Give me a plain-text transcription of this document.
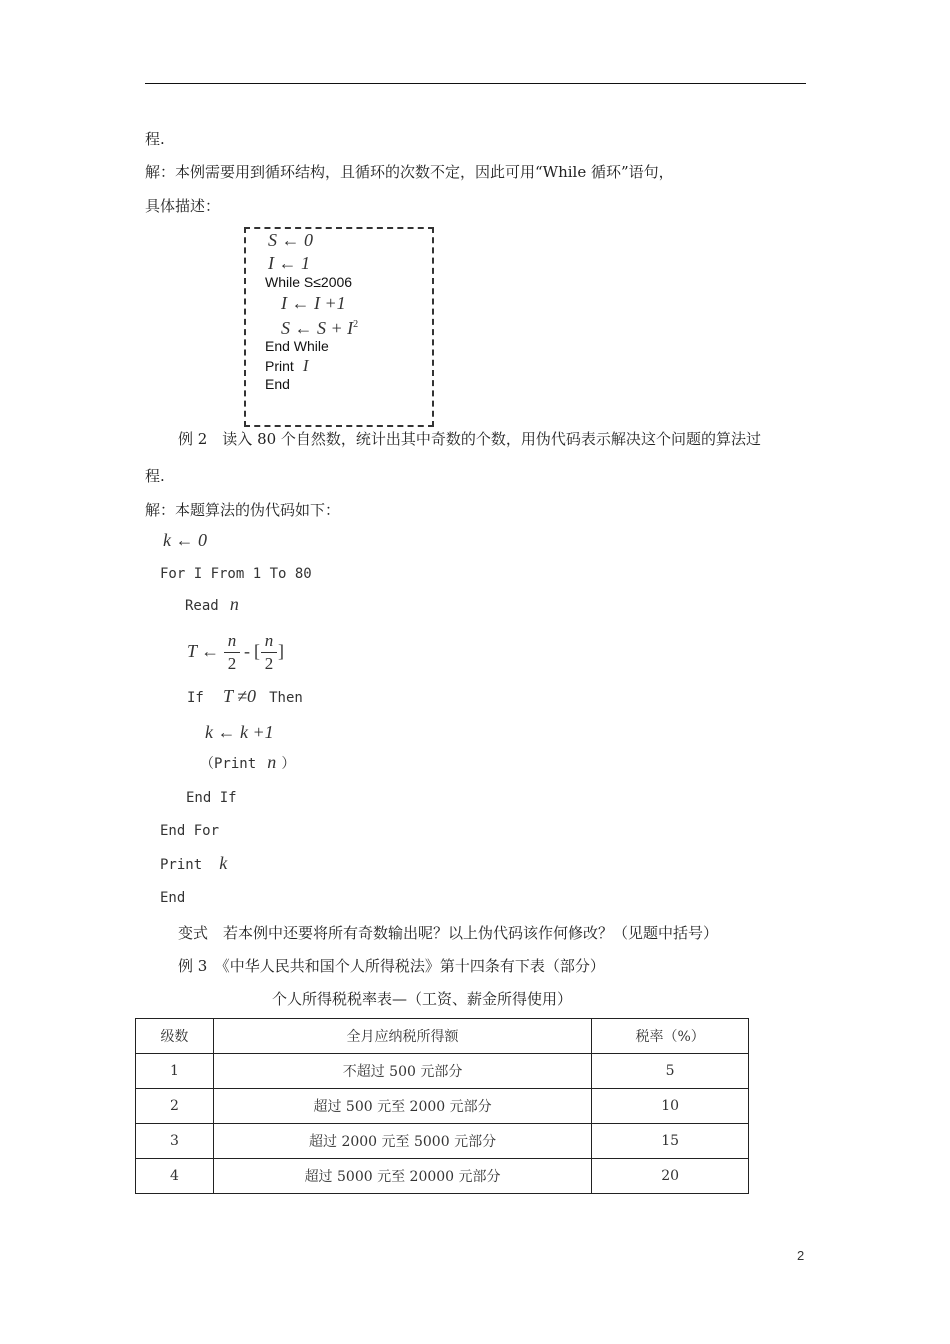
程.
解：本例需要用到循环结构，且循环的次数不定，因此可用“While 循环”语句，
具体描述：
S ← 0
I ← 1
While S≤2006
I ← I +1
S ← $S + I^2$
End While
Print I
End
例 2　读入 80 个自然数，统计出其中奇数的个数，用伪代码表示解决这个问题的算法过
程.
解：本题算法的伪代码如下：
k ← 0
For I From 1 To 80
Read n
T ←
n
2
- [
n
2
]
If T ≠0 Then
k ← k +1
（Print n ）
End If
End For
Print k
End
变式　若本例中还要将所有奇数输出呢？以上伪代码该作何修改？（见题中括号）
例 3　《中华人民共和国个人所得税法》第十四条有下表（部分）
个人所得税税率表—（工资、薪金所得使用）
级数	全月应纳税所得额	税率（%）
1	不超过 500 元部分	5
2	超过 500 元至 2000 元部分	10
3	超过 2000 元至 5000 元部分	15
4	超过 5000 元至 20000 元部分	20
2
